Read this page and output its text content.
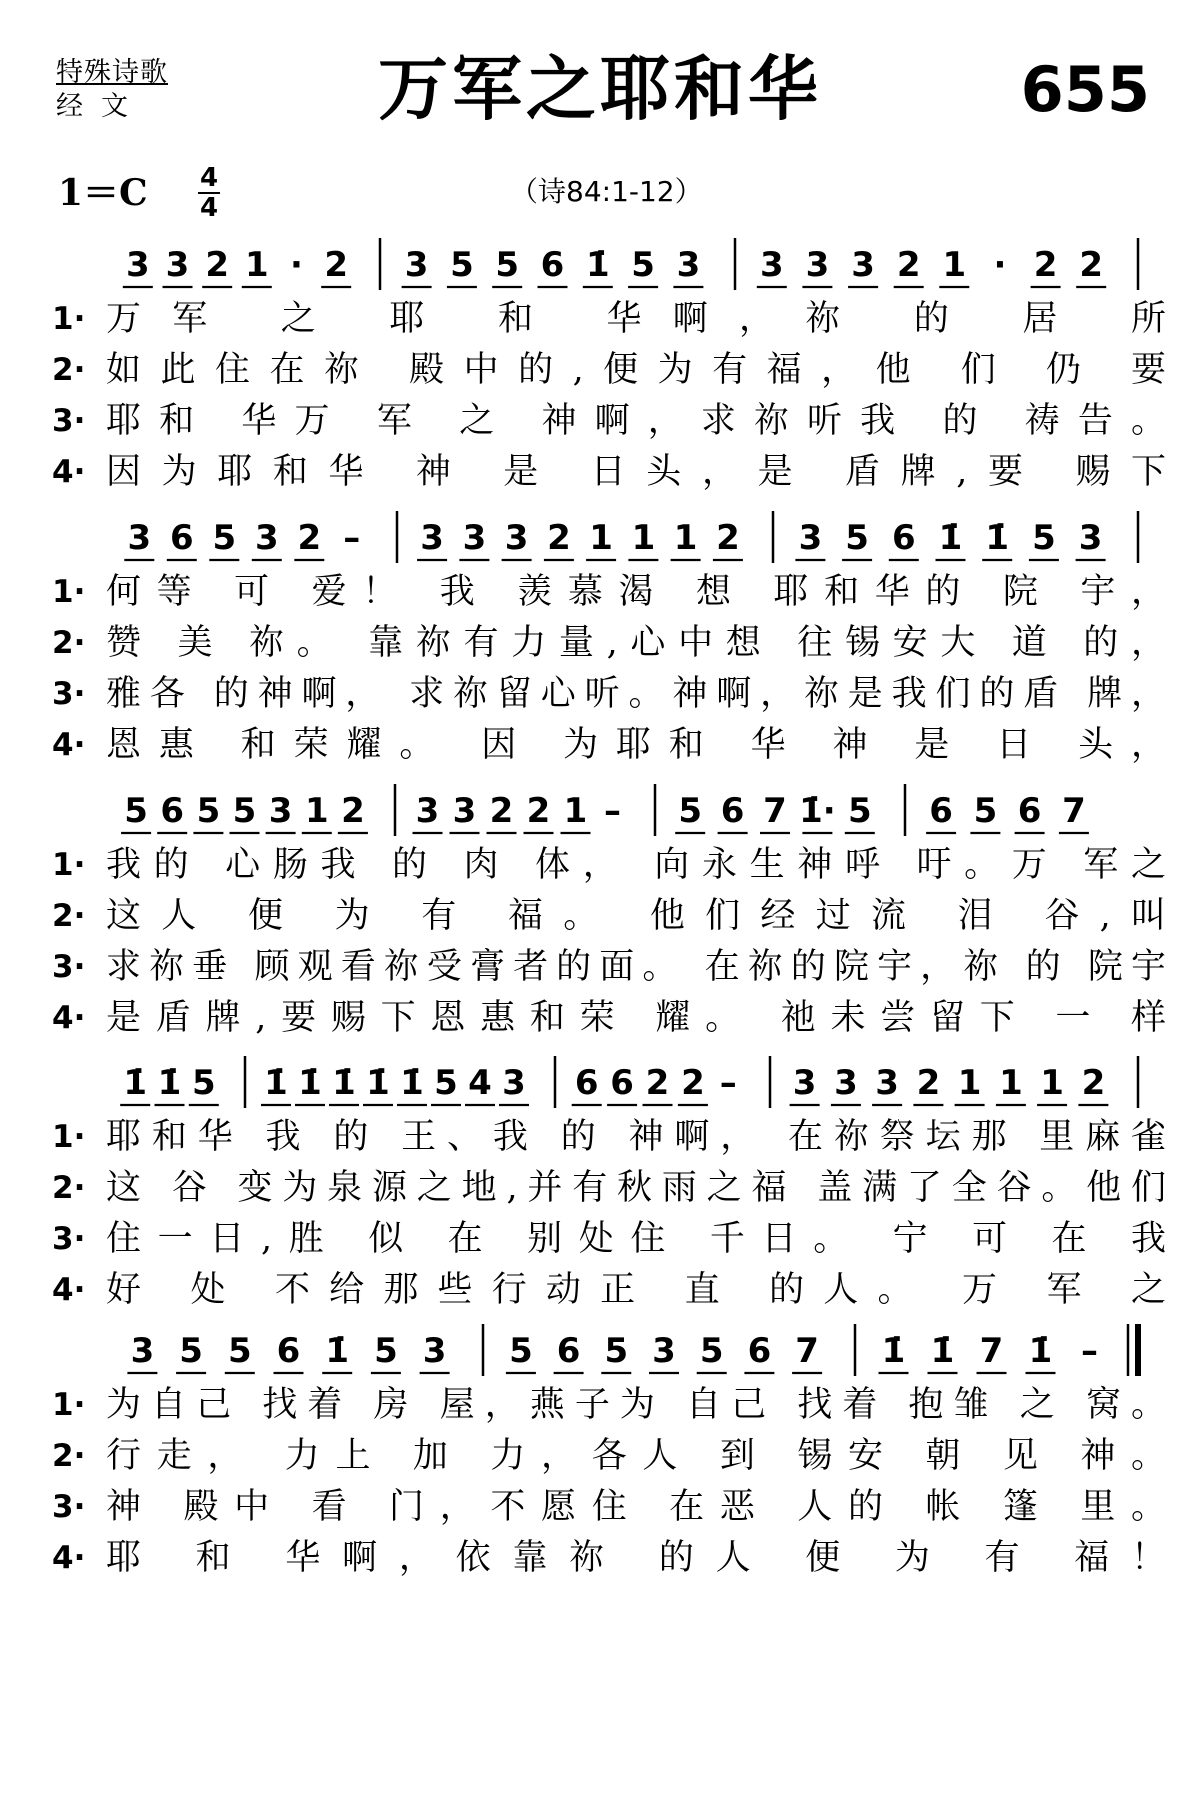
特殊诗歌
经文	万军之耶和华	655
1＝C 4
4	（诗84:1-12）
3 3 2 1 · 2 3 5 5 6 1̇ 5 3 3 3 3 2 1 · 2 2
1· 万军 之 耶 和 华啊，祢 的 居 所
2· 如此住在祢 殿中的,便为有福，他 们 仍 要
3· 耶和 华万 军 之 神啊，求祢听我 的 祷告。
4· 因为耶和华 神 是 日头，是 盾牌,要 赐下
3 6 5 3 2 – 3 3 3 2 1 1 1 2 3 5 6 1̇ 1̇ 5 3
1· 何等 可 爱！ 我 羡慕渴 想 耶和华的 院 宇，
2· 赞 美 祢。 靠祢有力量,心中想 往锡安大 道 的，
3· 雅各 的神啊， 求祢留心听。神啊，祢是我们的盾 牌，
4· 恩惠 和荣耀。 因 为耶和 华 神 是 日 头，
5 6 5 5 3 1 2 3 3 2 2 1 – 5 6 7 1̇· 5 6 5 6 7
1· 我的 心肠我 的 肉 体， 向永生神呼 吁。万 军之
2· 这人 便 为 有 福。 他们经过流 泪 谷,叫
3· 求祢垂 顾观看祢受膏者的面。 在祢的院宇，祢 的 院宇
4· 是盾牌,要赐下恩惠和荣 耀。 祂未尝留下 一 样
1̇ 1̇ 5 1̇ 1̇ 1̇ 1̇ 1̇ 5 4 3 6 6 2 2 – 3 3 3 2 1 1 1 2
1· 耶和华 我 的 王、我 的 神啊， 在祢祭坛那 里麻雀
2· 这 谷 变为泉源之地,并有秋雨之福 盖满了全谷。他们
3· 住一日,胜 似 在 别处住 千日。 宁 可 在 我
4· 好 处 不给那些行动正 直 的人。 万 军 之
3 5 5 6 1̇ 5 3 5 6 5 3 5 6 7 1̇ 1̇ 7 1̇ –
1· 为自己 找着 房 屋，燕子为 自己 找着 抱雏 之 窝。
2· 行走， 力上 加 力，各人 到 锡安 朝 见 神。
3· 神 殿中 看 门，不愿住 在恶 人的 帐 篷 里。
4· 耶 和 华啊，依靠祢 的人 便 为 有 福！
